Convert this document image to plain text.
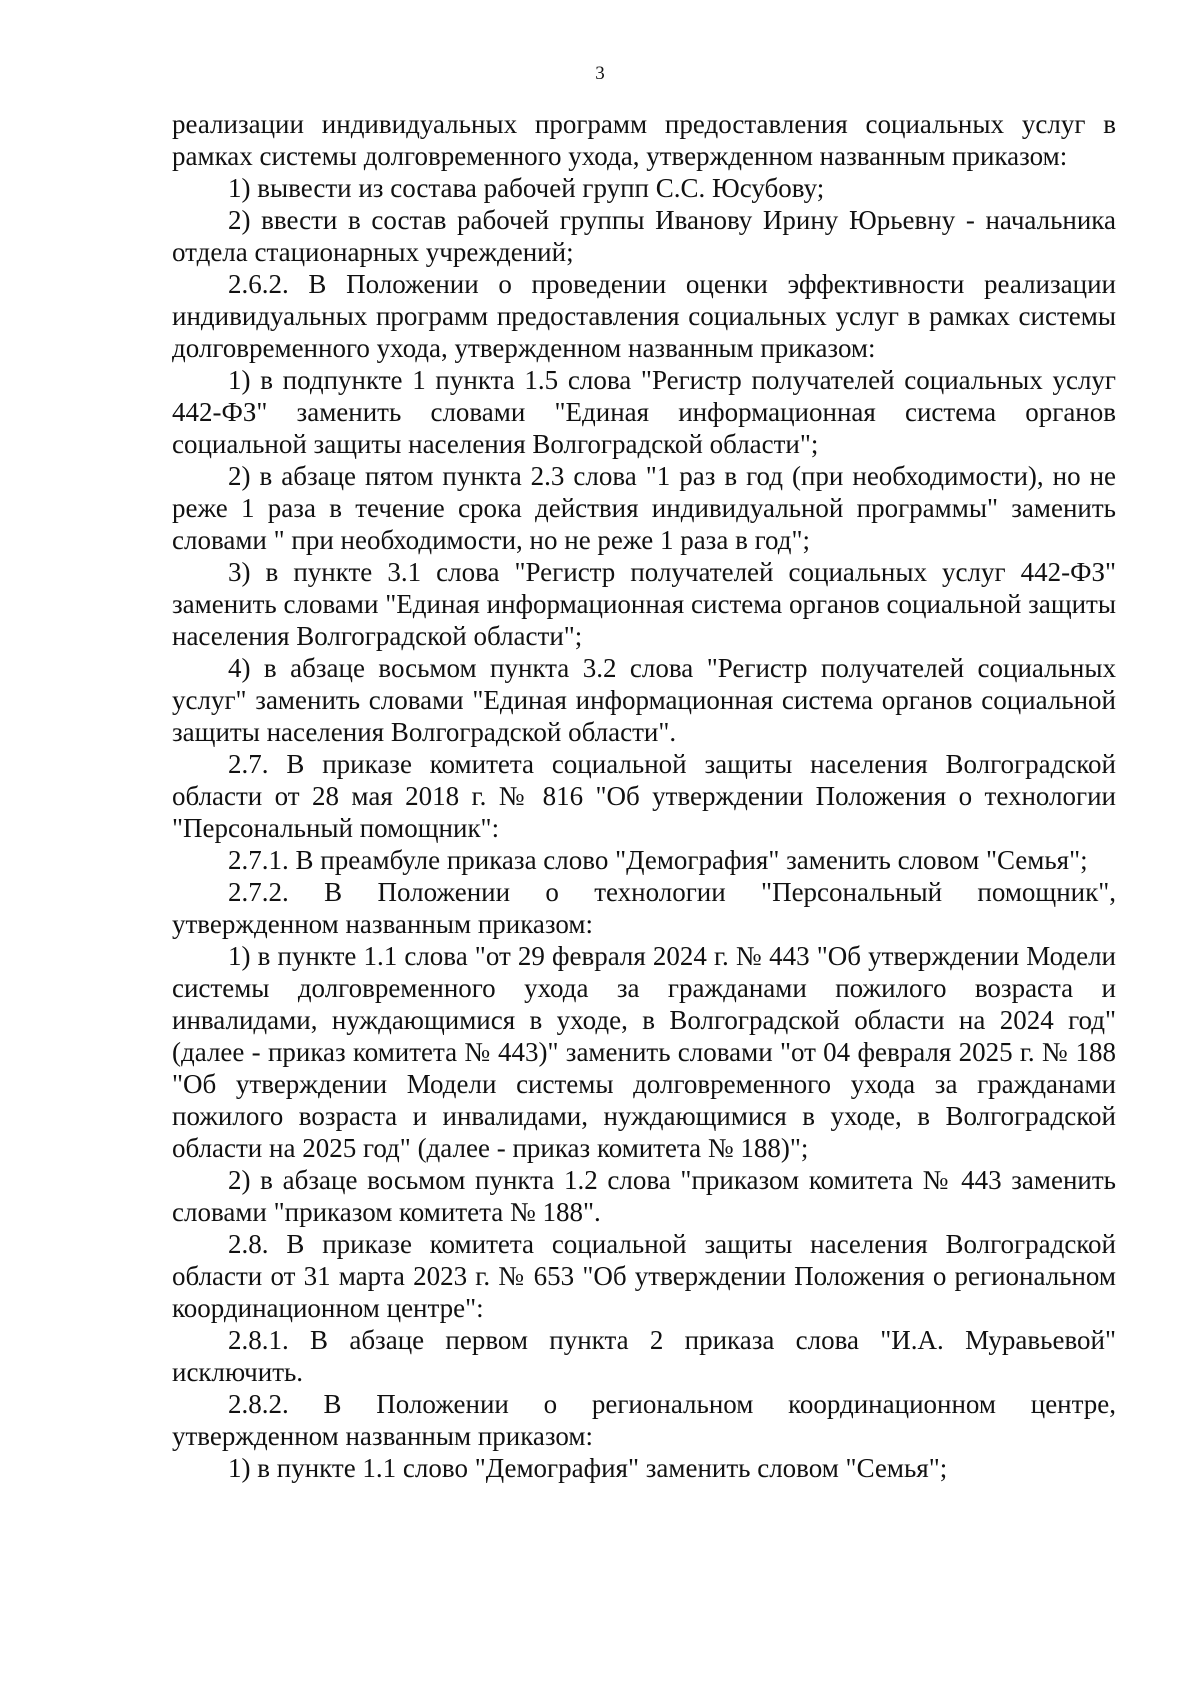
3

реализации индивидуальных программ предоставления социальных услуг в рамках системы долговременного ухода, утвержденном названным приказом:

1) вывести из состава рабочей групп С.С. Юсубову;

2) ввести в состав рабочей группы Иванову Ирину Юрьевну - начальника отдела стационарных учреждений;

2.6.2. В Положении о проведении оценки эффективности реализации индивидуальных программ предоставления социальных услуг в рамках системы долговременного ухода, утвержденном названным приказом:

1) в подпункте 1 пункта 1.5 слова "Регистр получателей социальных услуг 442-ФЗ" заменить словами "Единая информационная система органов социальной защиты населения Волгоградской области";

2) в абзаце пятом пункта 2.3 слова "1 раз в год (при необходимости), но не реже 1 раза в течение срока действия индивидуальной программы" заменить словами " при необходимости, но не реже 1 раза в год";

3) в пункте 3.1 слова "Регистр получателей социальных услуг 442-ФЗ" заменить словами "Единая информационная система органов социальной защиты населения Волгоградской области";

4) в абзаце восьмом пункта 3.2 слова "Регистр получателей социальных услуг" заменить словами "Единая информационная система органов социальной защиты населения Волгоградской области".

2.7. В приказе комитета социальной защиты населения Волгоградской области от 28 мая 2018 г. № 816 "Об утверждении Положения о технологии "Персональный помощник":

2.7.1. В преамбуле приказа слово "Демография" заменить словом "Семья";

2.7.2. В Положении о технологии "Персональный помощник", утвержденном названным приказом:

1) в пункте 1.1 слова "от 29 февраля 2024 г. № 443 "Об утверждении Модели системы долговременного ухода за гражданами пожилого возраста и инвалидами, нуждающимися в уходе, в Волгоградской области на 2024 год" (далее - приказ комитета № 443)" заменить словами "от 04 февраля 2025 г. № 188 "Об утверждении Модели системы долговременного ухода за гражданами пожилого возраста и инвалидами, нуждающимися в уходе, в Волгоградской области на 2025 год" (далее - приказ комитета № 188)";

2) в абзаце восьмом пункта 1.2 слова "приказом комитета № 443 заменить словами "приказом комитета № 188".

2.8. В приказе комитета социальной защиты населения Волгоградской области от 31 марта 2023 г. № 653 "Об утверждении Положения о региональном координационном центре":

2.8.1. В абзаце первом пункта 2 приказа слова "И.А. Муравьевой" исключить.

2.8.2. В Положении о региональном координационном центре, утвержденном названным приказом:

1) в пункте 1.1 слово "Демография" заменить словом "Семья";
